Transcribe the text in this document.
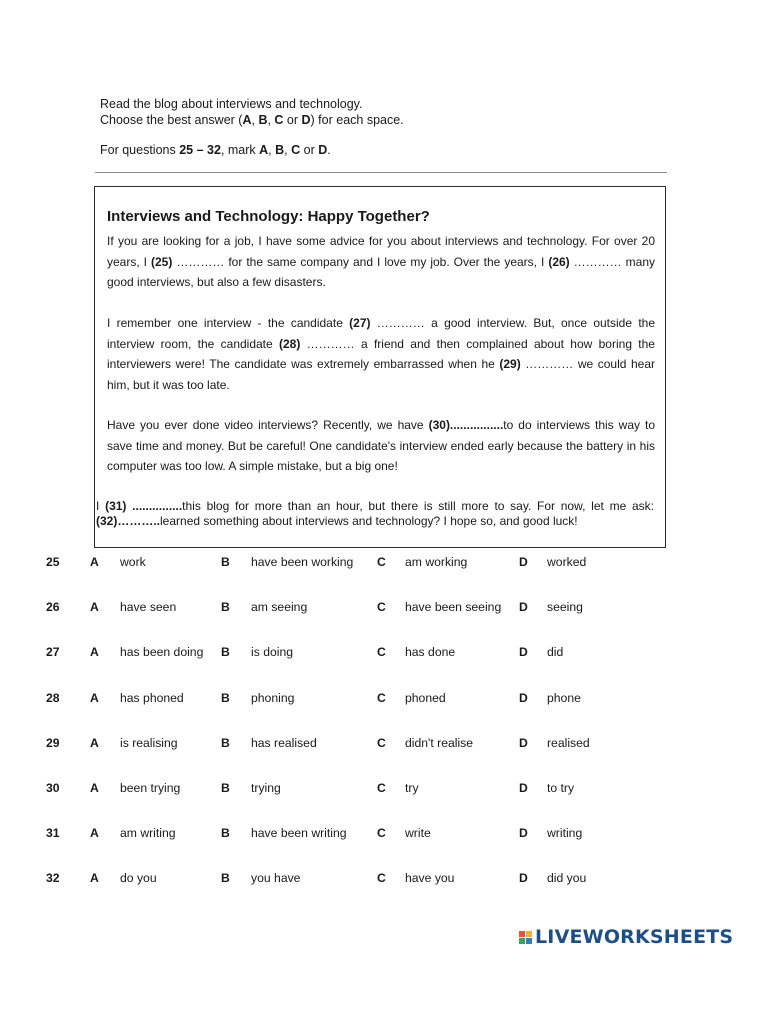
Read the blog about interviews and technology.
Choose the best answer (A, B, C or D) for each space.
For questions 25 – 32, mark A, B, C or D.
Interviews and Technology: Happy Together?
If you are looking for a job, I have some advice for you about interviews and technology. For over 20 years, I (25) ………… for the same company and I love my job. Over the years, I (26) ………… many good interviews, but also a few disasters.
I remember one interview - the candidate (27) ………… a good interview. But, once outside the interview room, the candidate (28) ………… a friend and then complained about how boring the interviewers were! The candidate was extremely embarrassed when he (29) ………… we could hear him, but it was too late.
Have you ever done video interviews? Recently, we have (30)................to do interviews this way to save time and money. But be careful! One candidate's interview ended early because the battery in his computer was too low. A simple mistake, but a big one!
I (31) ...............this blog for more than an hour, but there is still more to say. For now, let me ask: (32)………..learned something about interviews and technology? I hope so, and good luck!
25 A work	B have been working C am working	D worked
26 A have seen	B am seeing	C have been seeing D seeing
27 A has been doing B is doing	C has done	D did
28 A has phoned	B phoning	C phoned	D phone
29 A is realising	B has realised	C didn't realise	D realised
30 A been trying	B trying	C try	D to try
31 A am writing	B have been writing C write	D writing
32 A do you	B you have	C have you	D did you
LIVEWORKSHEETS
